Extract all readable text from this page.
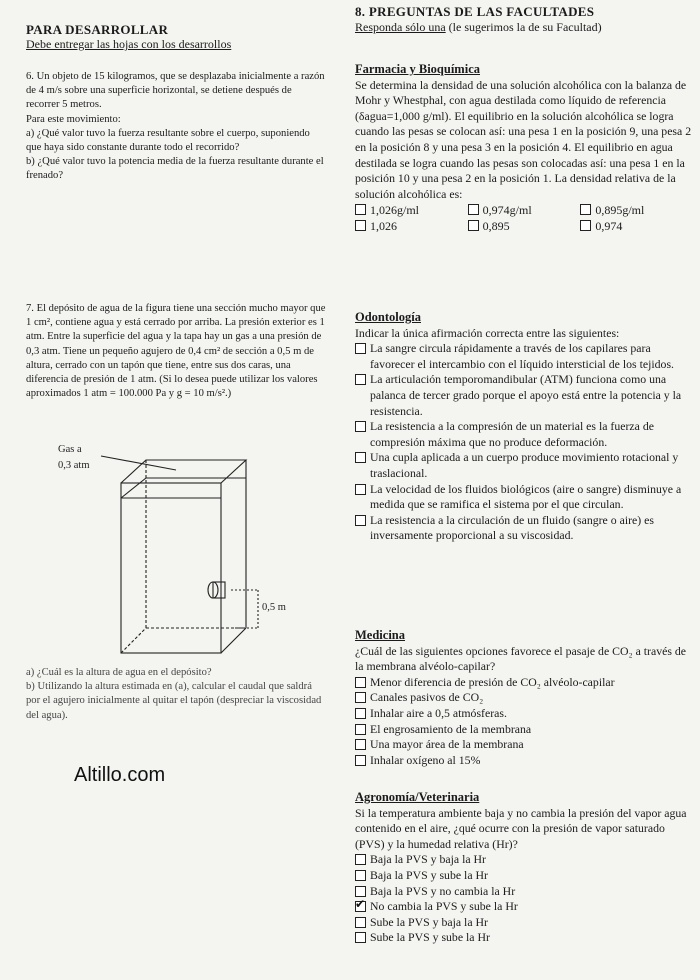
PARA DESARROLLAR
Debe entregar las hojas con los desarrollos

6. Un objeto de 15 kilogramos, que se desplazaba inicialmente a razón de 4 m/s sobre una superficie horizontal, se detiene después de recorrer 5 metros.

Para este movimiento:

a) ¿Qué valor tuvo la fuerza resultante sobre el cuerpo, suponiendo que haya sido constante durante todo el recorrido?

b) ¿Qué valor tuvo la potencia media de la fuerza resultante durante el frenado?

7. El depósito de agua de la figura tiene una sección mucho mayor que 1 cm², contiene agua y está cerrado por arriba. La presión exterior es 1 atm. Entre la superficie del agua y la tapa hay un gas a una presión de 0,3 atm. Tiene un pequeño agujero de 0,4 cm² de sección a 0,5 m de altura, cerrado con un tapón que tiene, entre sus dos caras, una diferencia de presión de 1 atm. (Si lo desea puede utilizar los valores aproximados 1 atm = 100.000 Pa y g = 10 m/s².)

Gas a
0,3 atm
0,5 m

a) ¿Cuál es la altura de agua en el depósito?

b) Utilizando la altura estimada en (a), calcular el caudal que saldrá por el agujero inicialmente al quitar el tapón (despreciar la viscosidad del agua).

Altillo.com
8. PREGUNTAS DE LAS FACULTADES
Responda sólo una (le sugerimos la de su Facultad)
Farmacia y Bioquímica

Se determina la densidad de una solución alcohólica con la balanza de Mohr y Whestphal, con agua destilada como líquido de referencia (δagua=1,000 g/ml). El equilibrio en la solución alcohólica se logra cuando las pesas se colocan así: una pesa 1 en la posición 9, una pesa 2 en la posición 8 y una pesa 3 en la posición 4. El equilibrio en agua destilada se logra cuando las pesas son colocadas así: una pesa 1 en la posición 10 y una pesa 2 en la posición 1. La densidad relativa de la solución alcohólica es:

1,026g/ml	0,974g/ml	0,895g/ml
1,026	0,895	0,974
Odontología

Indicar la única afirmación correcta entre las siguientes:

La sangre circula rápidamente a través de los capilares para favorecer el intercambio con el líquido intersticial de los tejidos.
La articulación temporomandibular (ATM) funciona como una palanca de tercer grado porque el apoyo está entre la potencia y la resistencia.
La resistencia a la compresión de un material es la fuerza de compresión máxima que no produce deformación.
Una cupla aplicada a un cuerpo produce movimiento rotacional y traslacional.
La velocidad de los fluidos biológicos (aire o sangre) disminuye a medida que se ramifica el sistema por el que circulan.
La resistencia a la circulación de un fluido (sangre o aire) es inversamente proporcional a su viscosidad.
Medicina

¿Cuál de las siguientes opciones favorece el pasaje de CO₂ a través de la membrana alvéolo-capilar?

Menor diferencia de presión de CO₂ alvéolo-capilar
Canales pasivos de CO₂
Inhalar aire a 0,5 atmósferas.
El engrosamiento de la membrana
Una mayor área de la membrana
Inhalar oxígeno al 15%
Agronomía/Veterinaria

Si la temperatura ambiente baja y no cambia la presión del vapor agua contenido en el aire, ¿qué ocurre con la presión de vapor saturado (PVS) y la humedad relativa (Hr)?

Baja la PVS y baja la Hr
Baja la PVS y sube la Hr
Baja la PVS y no cambia la Hr
✔
No cambia la PVS y sube la Hr
Sube la PVS y baja la Hr
Sube la PVS y sube la Hr
